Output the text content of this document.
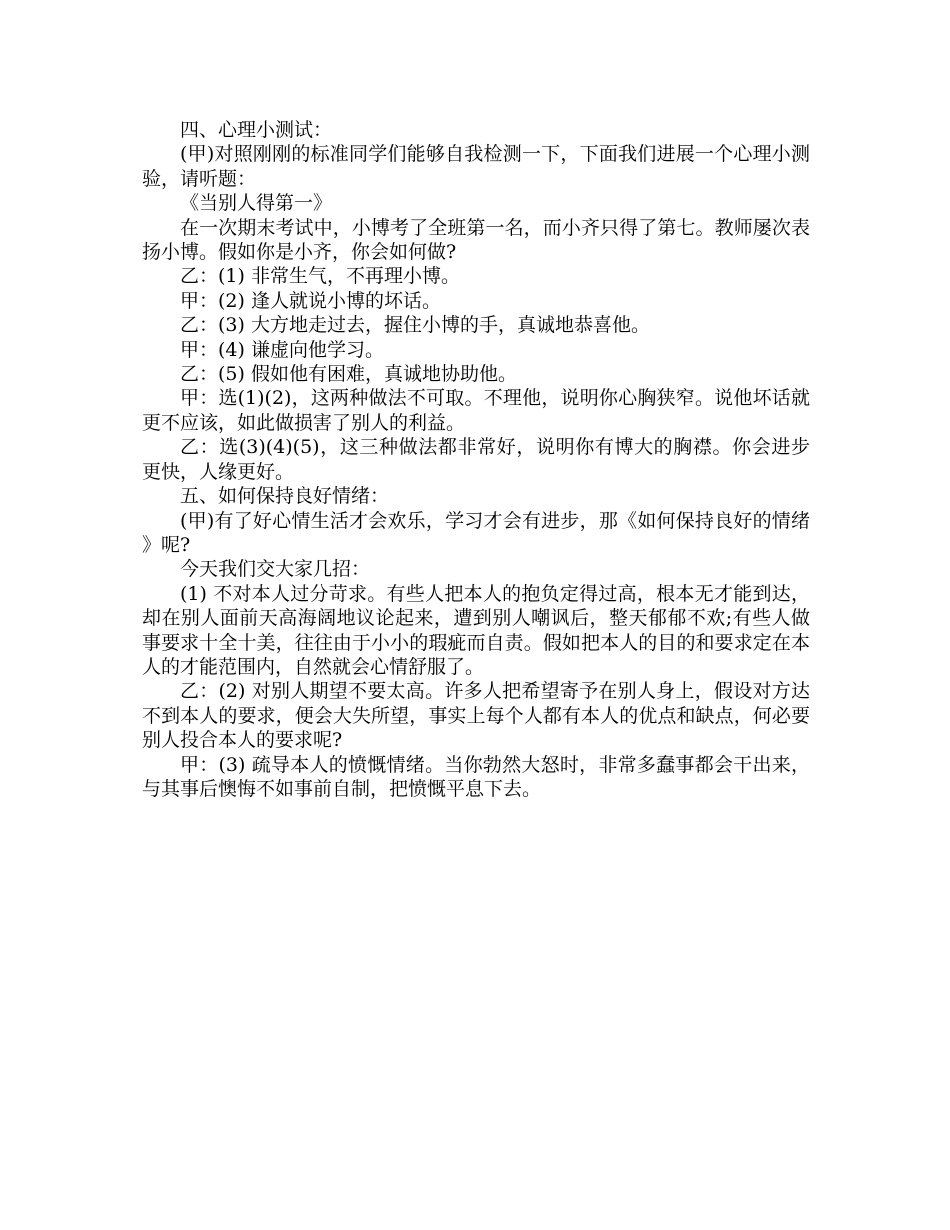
四、心理小测试：

(甲)对照刚刚的标准同学们能够自我检测一下，下面我们进展一个心理小测验，请听题：

《当别人得第一》

在一次期末考试中，小博考了全班第一名，而小齐只得了第七。教师屡次表扬小博。假如你是小齐，你会如何做?

乙：(1) 非常生气，不再理小博。

甲：(2) 逢人就说小博的坏话。

乙：(3) 大方地走过去，握住小博的手，真诚地恭喜他。

甲：(4) 谦虚向他学习。

乙：(5) 假如他有困难，真诚地协助他。

甲：选(1)(2)，这两种做法不可取。不理他，说明你心胸狭窄。说他坏话就更不应该，如此做损害了别人的利益。

乙：选(3)(4)(5)，这三种做法都非常好，说明你有博大的胸襟。你会进步更快，人缘更好。

五、如何保持良好情绪：

(甲)有了好心情生活才会欢乐，学习才会有进步，那《如何保持良好的情绪 》呢?

今天我们交大家几招：

(1) 不对本人过分苛求。有些人把本人的抱负定得过高，根本无才能到达，却在别人面前天高海阔地议论起来，遭到别人嘲讽后，整天郁郁不欢;有些人做事要求十全十美，往往由于小小的瑕疵而自责。假如把本人的目的和要求定在本人的才能范围内，自然就会心情舒服了。

乙：(2) 对别人期望不要太高。许多人把希望寄予在别人身上，假设对方达不到本人的要求，便会大失所望，事实上每个人都有本人的优点和缺点，何必要别人投合本人的要求呢?

甲：(3) 疏导本人的愤慨情绪。当你勃然大怒时，非常多蠢事都会干出来，与其事后懊悔不如事前自制，把愤慨平息下去。
